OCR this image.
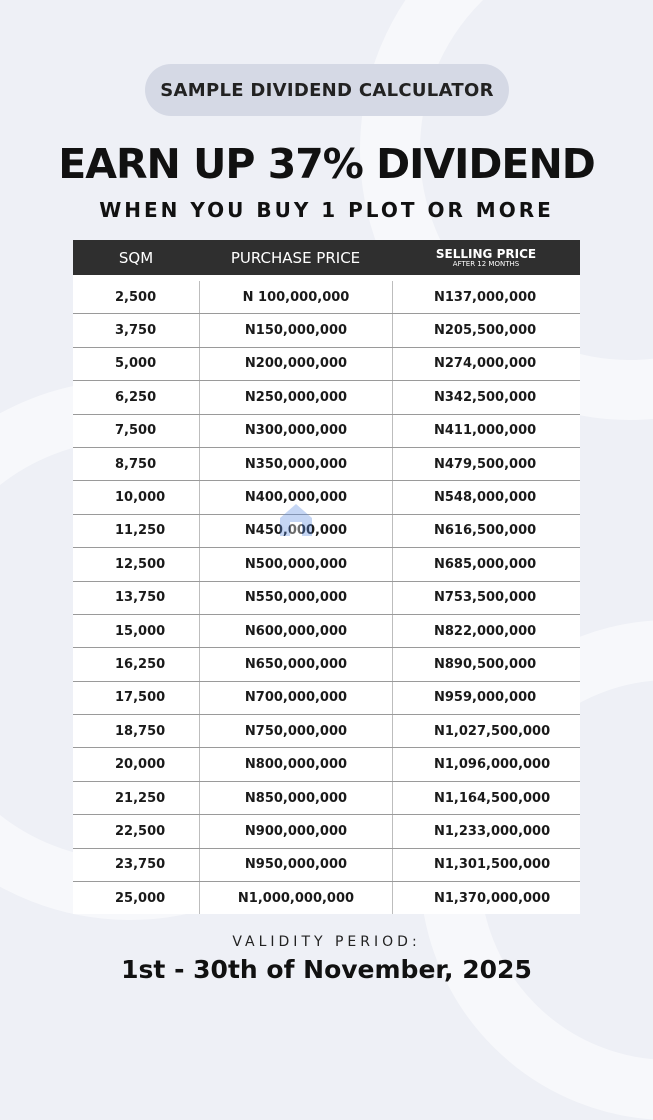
SAMPLE DIVIDEND CALCULATOR
EARN UP 37% DIVIDEND
WHEN YOU BUY 1 PLOT OR MORE
SQM	PURCHASE PRICE	SELLING PRICE
AFTER 12 MONTHS
2,500	N 100,000,000	N137,000,000
3,750	N150,000,000	N205,500,000
5,000	N200,000,000	N274,000,000
6,250	N250,000,000	N342,500,000
7,500	N300,000,000	N411,000,000
8,750	N350,000,000	N479,500,000
10,000	N400,000,000	N548,000,000
11,250	N450,000,000	N616,500,000
12,500	N500,000,000	N685,000,000
13,750	N550,000,000	N753,500,000
15,000	N600,000,000	N822,000,000
16,250	N650,000,000	N890,500,000
17,500	N700,000,000	N959,000,000
18,750	N750,000,000	N1,027,500,000
20,000	N800,000,000	N1,096,000,000
21,250	N850,000,000	N1,164,500,000
22,500	N900,000,000	N1,233,000,000
23,750	N950,000,000	N1,301,500,000
25,000	N1,000,000,000	N1,370,000,000
VALIDITY PERIOD:
1st - 30th of November, 2025
